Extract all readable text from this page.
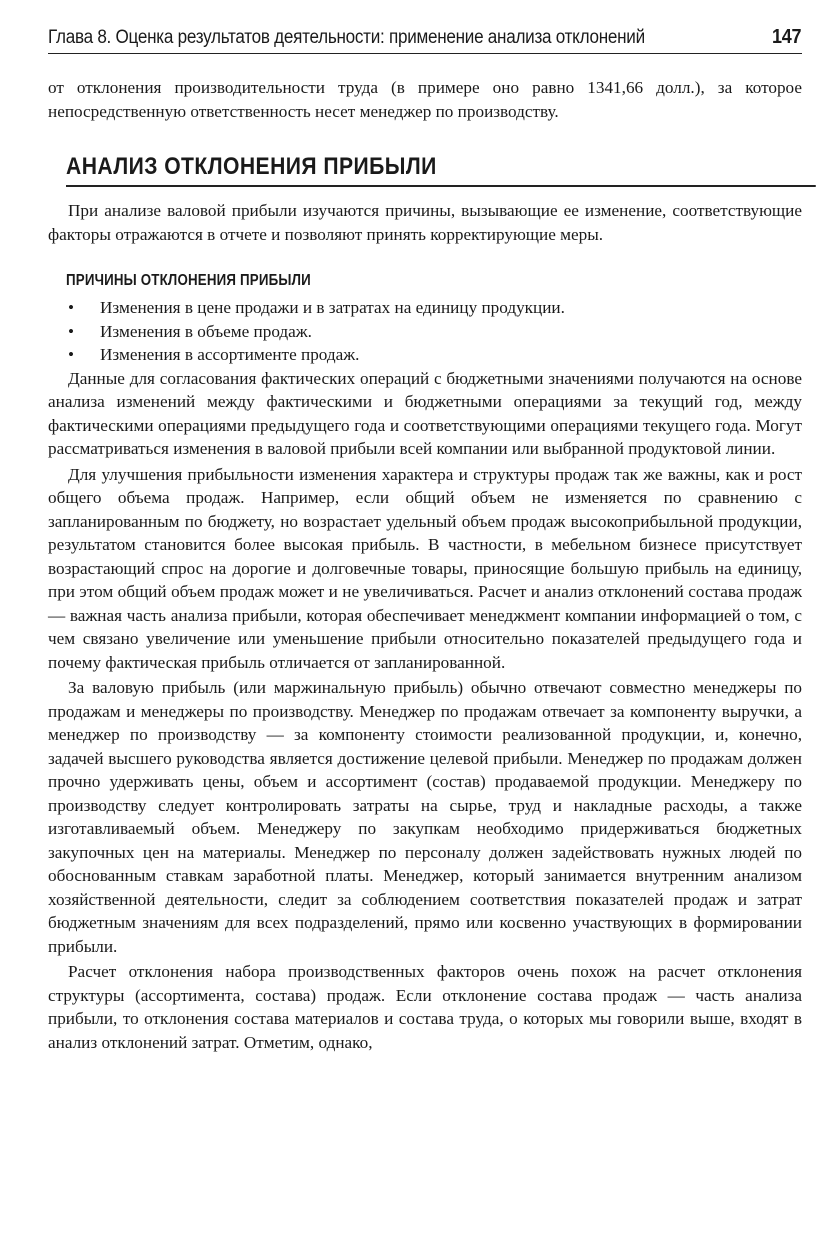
Глава 8. Оценка результатов деятельности: применение анализа отклонений	147

от отклонения производительности труда (в примере оно равно 1341,66 долл.), за которое непосредственную ответственность несет менеджер по производству.

АНАЛИЗ ОТКЛОНЕНИЯ ПРИБЫЛИ

При анализе валовой прибыли изучаются причины, вызывающие ее изменение, соответствующие факторы отражаются в отчете и позволяют принять корректирующие меры.

ПРИЧИНЫ ОТКЛОНЕНИЯ ПРИБЫЛИ
• Изменения в цене продажи и в затратах на единицу продукции.
• Изменения в объеме продаж.
• Изменения в ассортименте продаж.

Данные для согласования фактических операций с бюджетными значениями получаются на основе анализа изменений между фактическими и бюджетными операциями за текущий год, между фактическими операциями предыдущего года и соответствующими операциями текущего года. Могут рассматриваться изменения в валовой прибыли всей компании или выбранной продуктовой линии.

Для улучшения прибыльности изменения характера и структуры продаж так же важны, как и рост общего объема продаж. Например, если общий объем не изменяется по сравнению с запланированным по бюджету, но возрастает удельный объем продаж высокоприбыльной продукции, результатом становится более высокая прибыль. В частности, в мебельном бизнесе присутствует возрастающий спрос на дорогие и долговечные товары, приносящие большую прибыль на единицу, при этом общий объем продаж может и не увеличиваться. Расчет и анализ отклонений состава продаж — важная часть анализа прибыли, которая обеспечивает менеджмент компании информацией о том, с чем связано увеличение или уменьшение прибыли относительно показателей предыдущего года и почему фактическая прибыль отличается от запланированной.

За валовую прибыль (или маржинальную прибыль) обычно отвечают совместно менеджеры по продажам и менеджеры по производству. Менеджер по продажам отвечает за компоненту выручки, а менеджер по производству — за компоненту стоимости реализованной продукции, и, конечно, задачей высшего руководства является достижение целевой прибыли. Менеджер по продажам должен прочно удерживать цены, объем и ассортимент (состав) продаваемой продукции. Менеджеру по производству следует контролировать затраты на сырье, труд и накладные расходы, а также изготавливаемый объем. Менеджеру по закупкам необходимо придерживаться бюджетных закупочных цен на материалы. Менеджер по персоналу должен задействовать нужных людей по обоснованным ставкам заработной платы. Менеджер, который занимается внутренним анализом хозяйственной деятельности, следит за соблюдением соответствия показателей продаж и затрат бюджетным значениям для всех подразделений, прямо или косвенно участвующих в формировании прибыли.

Расчет отклонения набора производственных факторов очень похож на расчет отклонения структуры (ассортимента, состава) продаж. Если отклонение состава продаж — часть анализа прибыли, то отклонения состава материалов и состава труда, о которых мы говорили выше, входят в анализ отклонений затрат. Отметим, однако,
